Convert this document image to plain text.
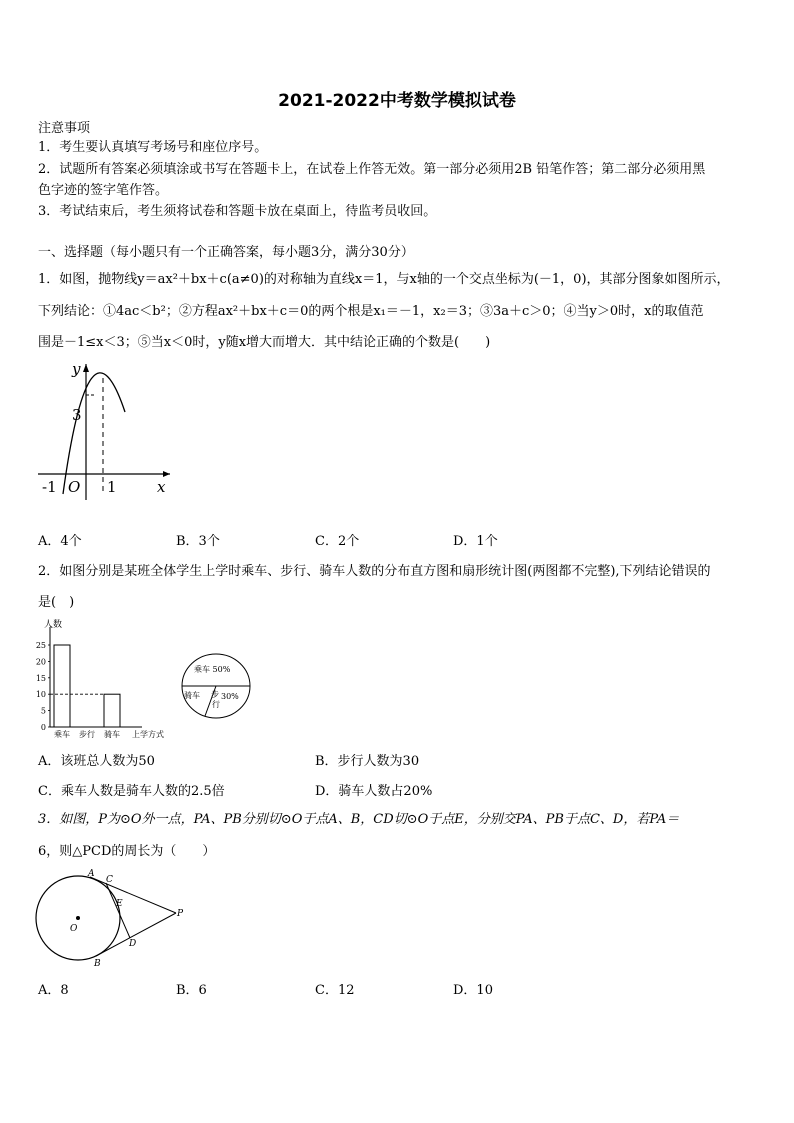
2021-2022中考数学模拟试卷
注意事项
1．考生要认真填写考场号和座位序号。
2．试题所有答案必须填涂或书写在答题卡上，在试卷上作答无效。第一部分必须用2B 铅笔作答；第二部分必须用黑
色字迹的签字笔作答。
3．考试结束后，考生须将试卷和答题卡放在桌面上，待监考员收回。
一、选择题（每小题只有一个正确答案，每小题3分，满分30分）
1．如图，抛物线y＝ax²＋bx＋c(a≠0)的对称轴为直线x＝1，与x轴的一个交点坐标为(－1，0)，其部分图象如图所示，
下列结论：①4ac＜b²；②方程ax²＋bx＋c＝0的两个根是x₁＝－1，x₂＝3；③3a＋c＞0；④当y＞0时，x的取值范
围是－1≤x＜3；⑤当x＜0时，y随x增大而增大．其中结论正确的个数是(　　)
y
x
3
-1 O 1
A．4个	B．3个	C．2个	D．1个
2．如图分别是某班全体学生上学时乘车、步行、骑车人数的分布直方图和扇形统计图(两图都不完整),下列结论错误的
是(　)
人数
25
20
15
10
5
0
乘车 步行 骑车 上学方式
乘车 50%
骑车 步
行
30%
A．该班总人数为50	B．步行人数为30
C．乘车人数是骑车人数的2.5倍	D．骑车人数占20%
3．如图，P为⊙O外一点，PA、PB分别切⊙O于点A、B，CD切⊙O于点E，分别交PA、PB于点C、D，若PA＝
6，则△PCD的周长为（　　）
A
C
E
O
D
B
P
A．8	B．6	C．12	D．10
